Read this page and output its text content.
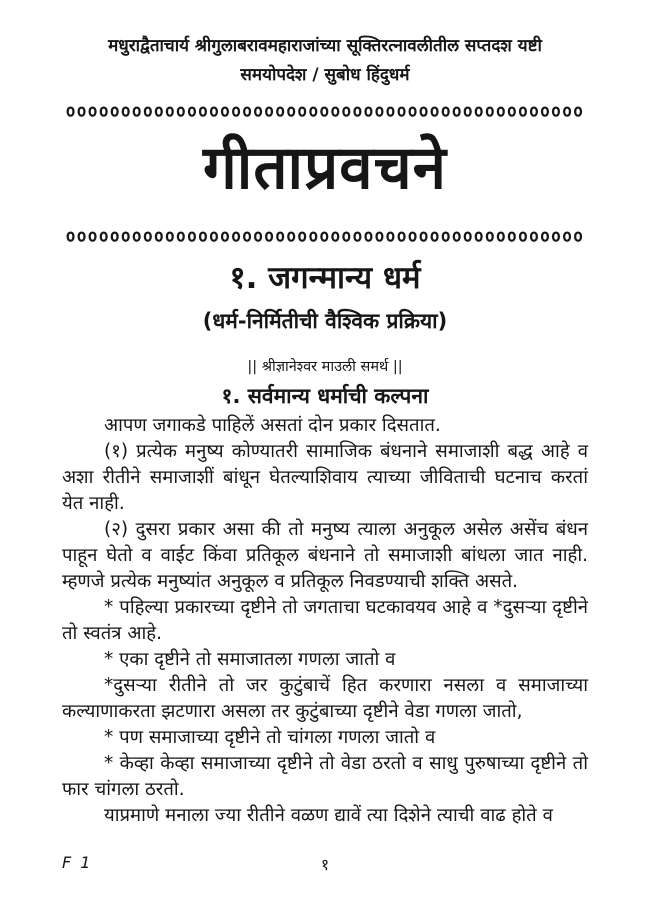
मधुराद्वैताचार्य श्रीगुलाबरावमहाराजांच्या सूक्तिरत्नावलीतील सप्तदश यष्टी
समयोपदेश / सुबोध हिंदुधर्म
ooooooooooooooooooooooooooooooooooooooooooooooo
गीताप्रवचने
ooooooooooooooooooooooooooooooooooooooooooooooo
१. जगन्मान्य धर्म
(धर्म-निर्मितीची वैश्विक प्रक्रिया)
|| श्रीज्ञानेश्वर माउली समर्थ ||
१. सर्वमान्य धर्माची कल्पना

आपण जगाकडे पाहिलें असतां दोन प्रकार दिसतात.

(१) प्रत्येक मनुष्य कोण्यातरी सामाजिक बंधनाने समाजाशी बद्ध आहे व अशा रीतीने समाजाशीं बांधून घेतल्याशिवाय त्याच्या जीविताची घटनाच करतां येत नाही.

(२) दुसरा प्रकार असा की तो मनुष्य त्याला अनुकूल असेल असेंच बंधन पाहून घेतो व वाईट किंवा प्रतिकूल बंधनाने तो समाजाशी बांधला जात नाही. म्हणजे प्रत्येक मनुष्यांत अनुकूल व प्रतिकूल निवडण्याची शक्ति असते.

* पहिल्या प्रकारच्या दृष्टीने तो जगताचा घटकावयव आहे व *दुसऱ्या दृष्टीने तो स्वतंत्र आहे.

* एका दृष्टीने तो समाजातला गणला जातो व

*दुसऱ्या रीतीने तो जर कुटुंबाचें हित करणारा नसला व समाजाच्या कल्याणाकरता झटणारा असला तर कुटुंबाच्या दृष्टीने वेडा गणला जातो,

* पण समाजाच्या दृष्टीने तो चांगला गणला जातो व

* केव्हा केव्हा समाजाच्या दृष्टीने तो वेडा ठरतो व साधु पुरुषाच्या दृष्टीने तो फार चांगला ठरतो.

याप्रमाणे मनाला ज्या रीतीने वळण द्यावें त्या दिशेने त्याची वाढ होते व

F 1	१
